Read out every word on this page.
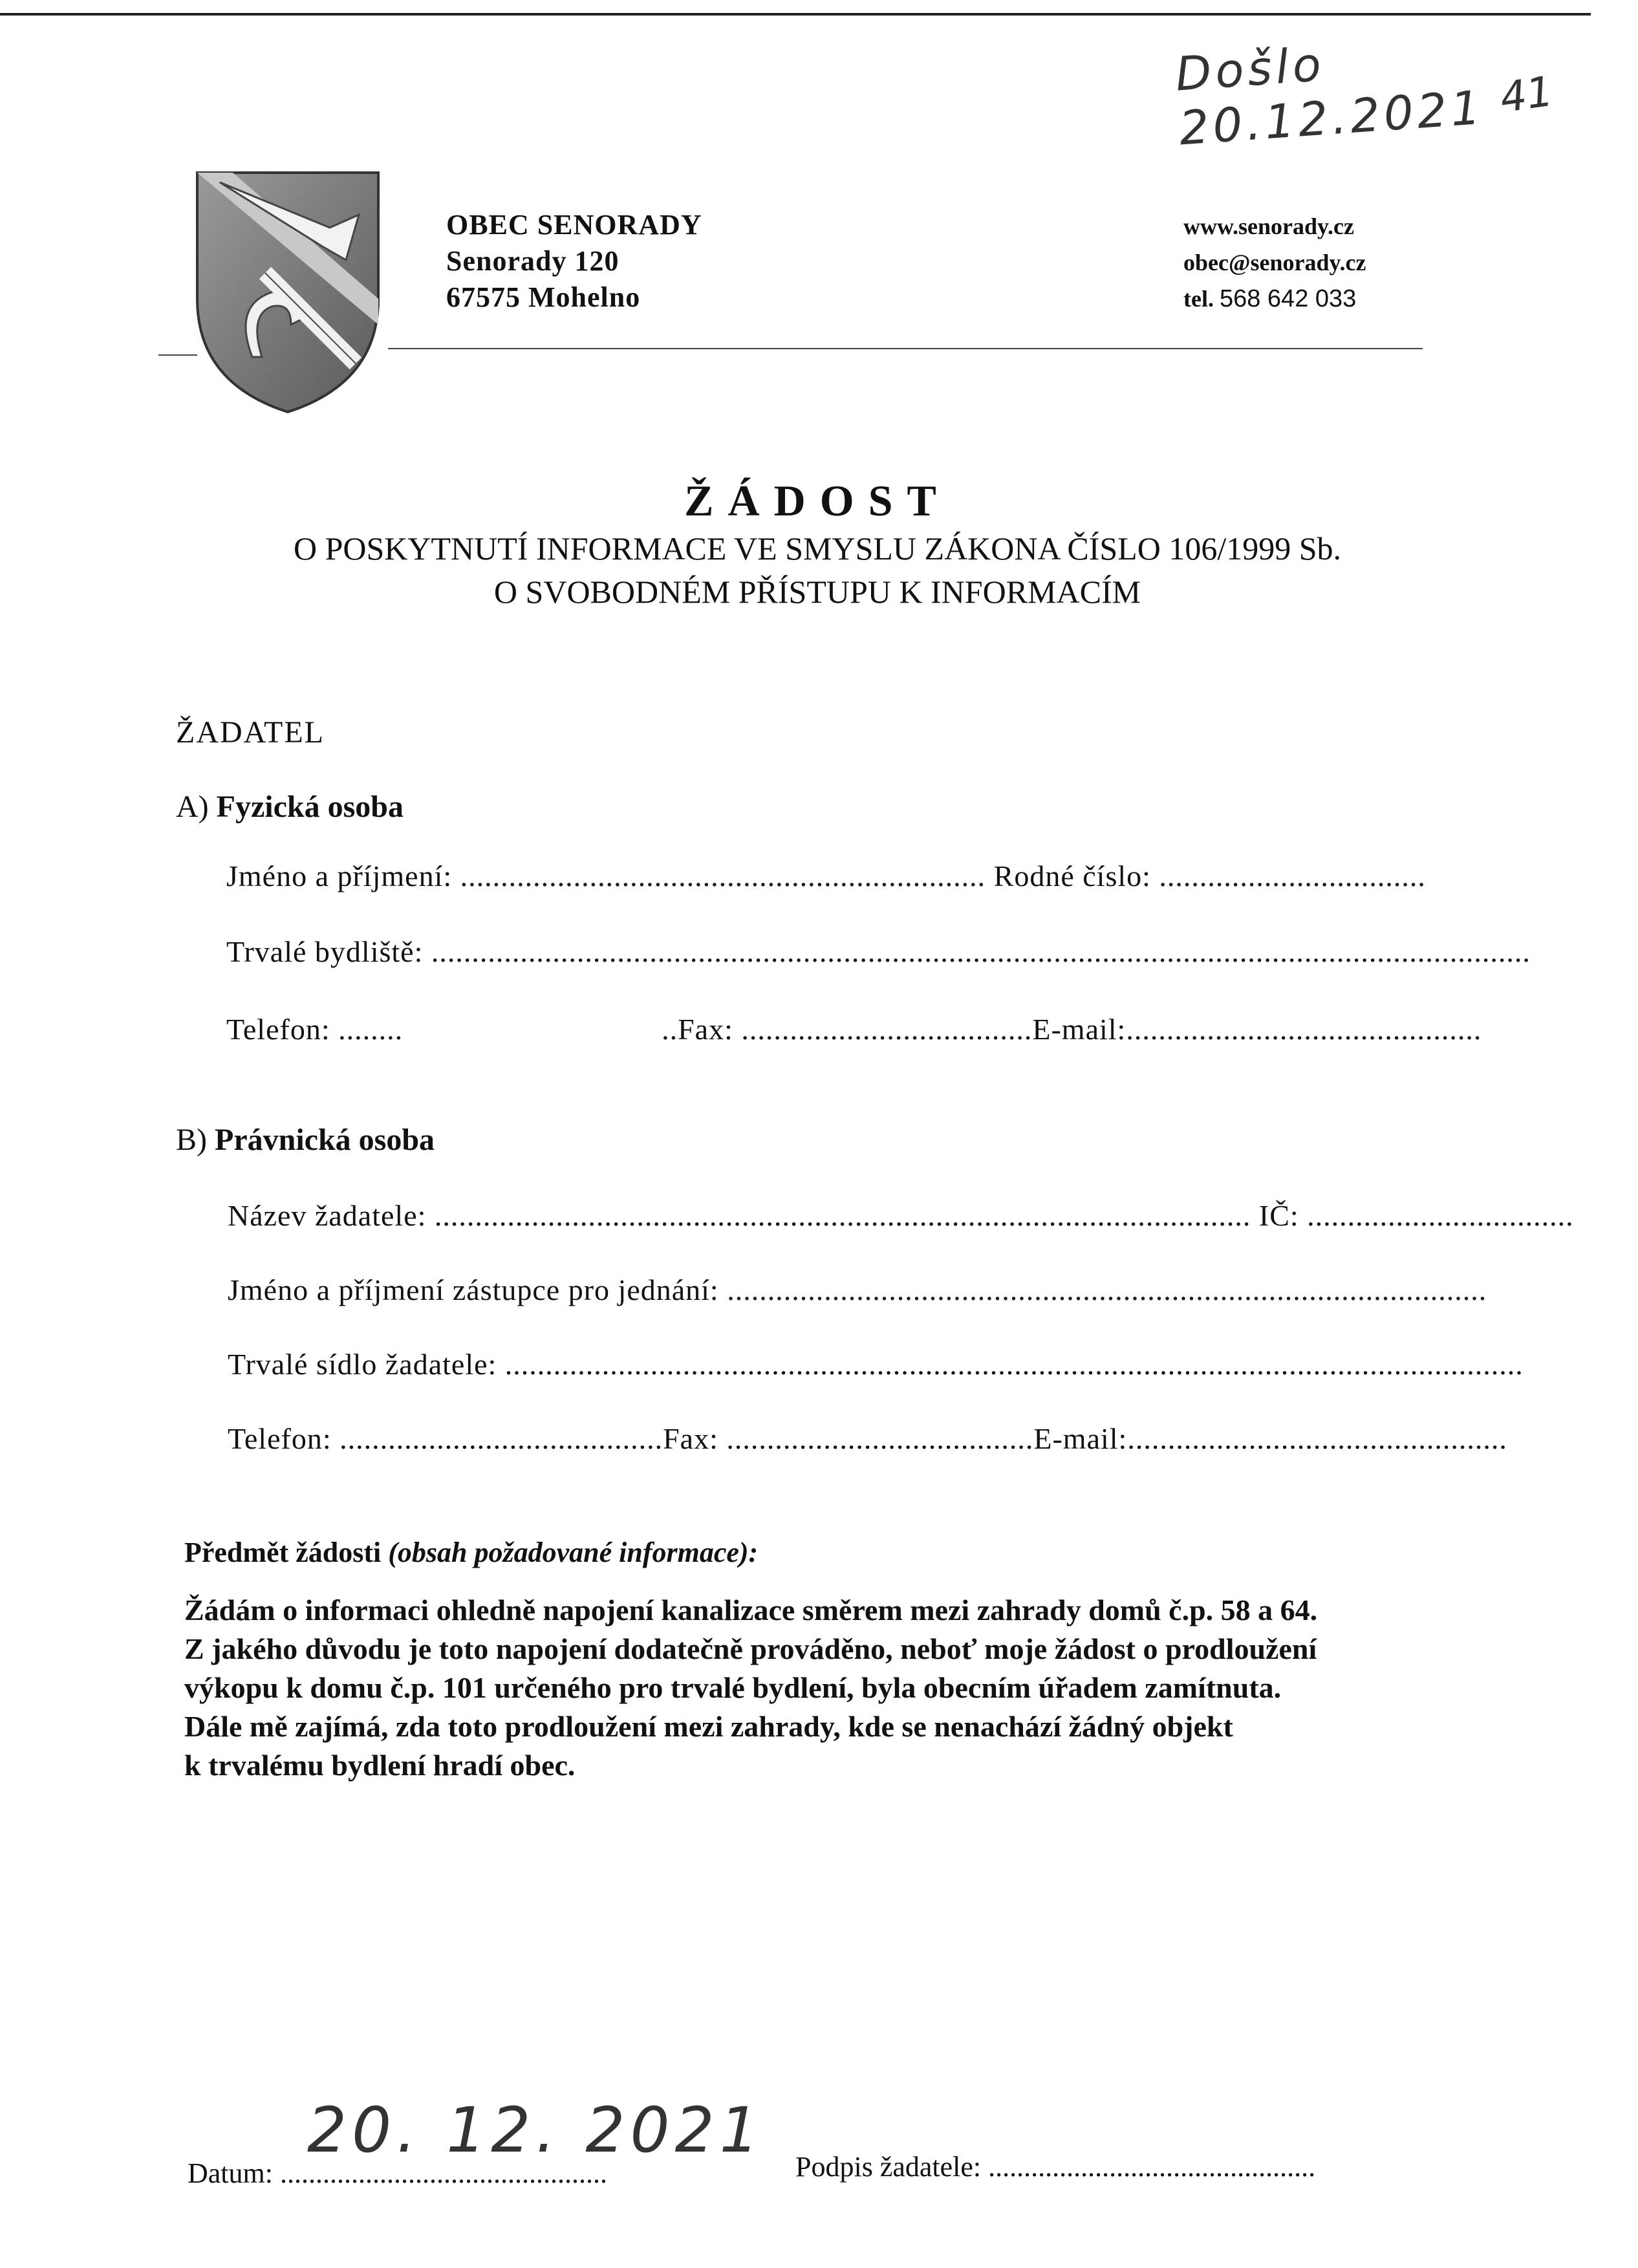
Došlo 20.12.2021 41
OBEC SENORADY
Senorady 120
67575 Mohelno
www.senorady.cz
obec@senorady.cz
tel. 568 642 033
ŽÁDOST
O POSKYTNUTÍ INFORMACE VE SMYSLU ZÁKONA ČÍSLO 106/1999 Sb.
O SVOBODNÉM PŘÍSTUPU K INFORMACÍM
ŽADATEL
A) Fyzická osoba
Jméno a příjmení: ................................................................. Rodné číslo: .................................
Trvalé bydliště: ........................................................................................................................................
Telefon: ........                                ..Fax: ....................................E-mail:............................................
B) Právnická osoba
Název žadatele: ..................................................................................................... IČ: .................................
Jméno a příjmení zástupce pro jednání: ..............................................................................................
Trvalé sídlo žadatele: ..............................................................................................................................
Telefon: ........................................Fax: ......................................E-mail:...............................................
Předmět žádosti (obsah požadované informace):
Žádám o informaci ohledně napojení kanalizace směrem mezi zahrady domů č.p. 58 a 64.
Z jakého důvodu je toto napojení dodatečně prováděno, neboť moje žádost o prodloužení
výkopu k domu č.p. 101 určeného pro trvalé bydlení, byla obecním úřadem zamítnuta.
Dále mě zajímá, zda toto prodloužení mezi zahrady, kde se nenachází žádný objekt
k trvalému bydlení hradí obec.
20. 12. 2021
Datum: ..............................................	Podpis žadatele: ..............................................
